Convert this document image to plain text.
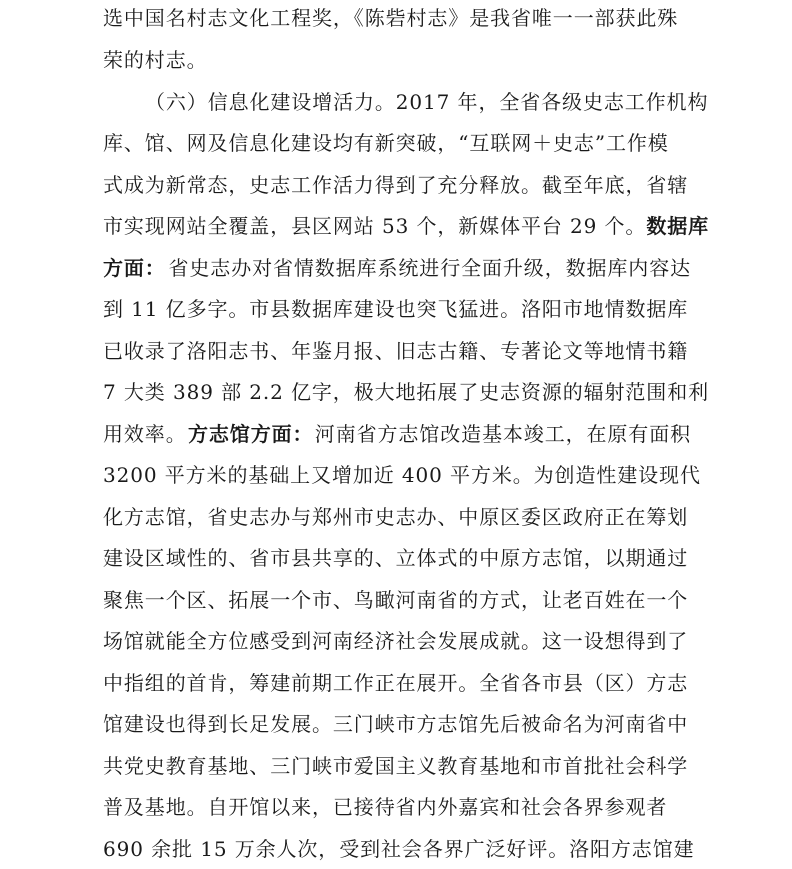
选中国名村志文化工程奖，《陈砦村志》是我省唯一一部获此殊
荣的村志。
（六）信息化建设增活力。2017 年，全省各级史志工作机构
库、馆、网及信息化建设均有新突破，“互联网＋史志”工作模
式成为新常态，史志工作活力得到了充分释放。截至年底，省辖
市实现网站全覆盖，县区网站 53 个，新媒体平台 29 个。 数据库
方面： 省史志办对省情数据库系统进行全面升级，数据库内容达
到 11 亿多字。市县数据库建设也突飞猛进。洛阳市地情数据库
已收录了洛阳志书、年鉴月报、旧志古籍、专著论文等地情书籍
7 大类 389 部 2.2 亿字，极大地拓展了史志资源的辐射范围和利
用效率。 方志馆方面： 河南省方志馆改造基本竣工，在原有面积
3200 平方米的基础上又增加近 400 平方米。为创造性建设现代
化方志馆，省史志办与郑州市史志办、中原区委区政府正在筹划
建设区域性的、省市县共享的、立体式的中原方志馆，以期通过
聚焦一个区、拓展一个市、鸟瞰河南省的方式，让老百姓在一个
场馆就能全方位感受到河南经济社会发展成就。这一设想得到了
中指组的首肯，筹建前期工作正在展开。全省各市县（区）方志
馆建设也得到长足发展。三门峡市方志馆先后被命名为河南省中
共党史教育基地、三门峡市爱国主义教育基地和市首批社会科学
普及基地。自开馆以来，已接待省内外嘉宾和社会各界参观者
690 余批 15 万余人次，受到社会各界广泛好评。洛阳方志馆建
